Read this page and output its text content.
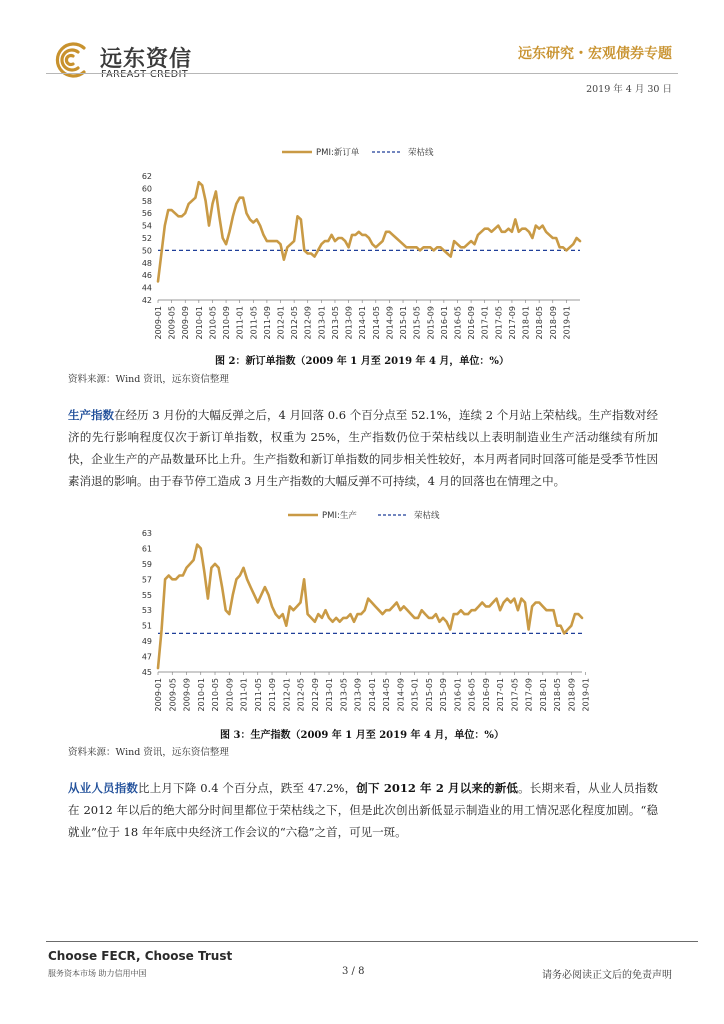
远东资信
FAREAST CREDIT
远东研究・宏观债券专题
2019 年 4 月 30 日
PMI:新订单	荣枯线
42
44
46
48
50
52
54
56
58
60
62
2009-01 2009-05 2009-09 2010-01 2010-05 2010-09 2011-01 2011-05 2011-09 2012-01 2012-05 2012-09 2013-01 2013-05 2013-09 2014-01 2014-05 2014-09 2015-01 2015-05 2015-09 2016-01 2016-05 2016-09 2017-01 2017-05 2017-09 2018-01 2018-05 2018-09 2019-01
图 2：新订单指数（2009 年 1 月至 2019 年 4 月，单位：%）
资料来源：Wind 资讯，远东资信整理
生产指数在经历 3 月份的大幅反弹之后，4 月回落 0.6 个百分点至 52.1%，连续 2 个月站上荣枯线。生产指数对经济的先行影响程度仅次于新订单指数，权重为 25%，生产指数仍位于荣枯线以上表明制造业生产活动继续有所加快，企业生产的产品数量环比上升。生产指数和新订单指数的同步相关性较好，本月两者同时回落可能是受季节性因素消退的影响。由于春节停工造成 3 月生产指数的大幅反弹不可持续，4 月的回落也在情理之中。
PMI:生产	荣枯线
45
47
49
51
53
55
57
59
61
63
2009-01 2009-05 2009-09 2010-01 2010-05 2010-09 2011-01 2011-05 2011-09 2012-01 2012-05 2012-09 2013-01 2013-05 2013-09 2014-01 2014-05 2014-09 2015-01 2015-05 2015-09 2016-01 2016-05 2016-09 2017-01 2017-05 2017-09 2018-01 2018-05 2018-09 2019-01
图 3：生产指数（2009 年 1 月至 2019 年 4 月，单位：%）
资料来源：Wind 资讯，远东资信整理
从业人员指数比上月下降 0.4 个百分点，跌至 47.2%，创下 2012 年 2 月以来的新低。长期来看，从业人员指数在 2012 年以后的绝大部分时间里都位于荣枯线之下，但是此次创出新低显示制造业的用工情况恶化程度加剧。“稳就业”位于 18 年年底中央经济工作会议的“六稳”之首，可见一斑。
Choose FECR, Choose Trust
服务资本市场 助力信用中国	3 / 8	请务必阅读正文后的免责声明
